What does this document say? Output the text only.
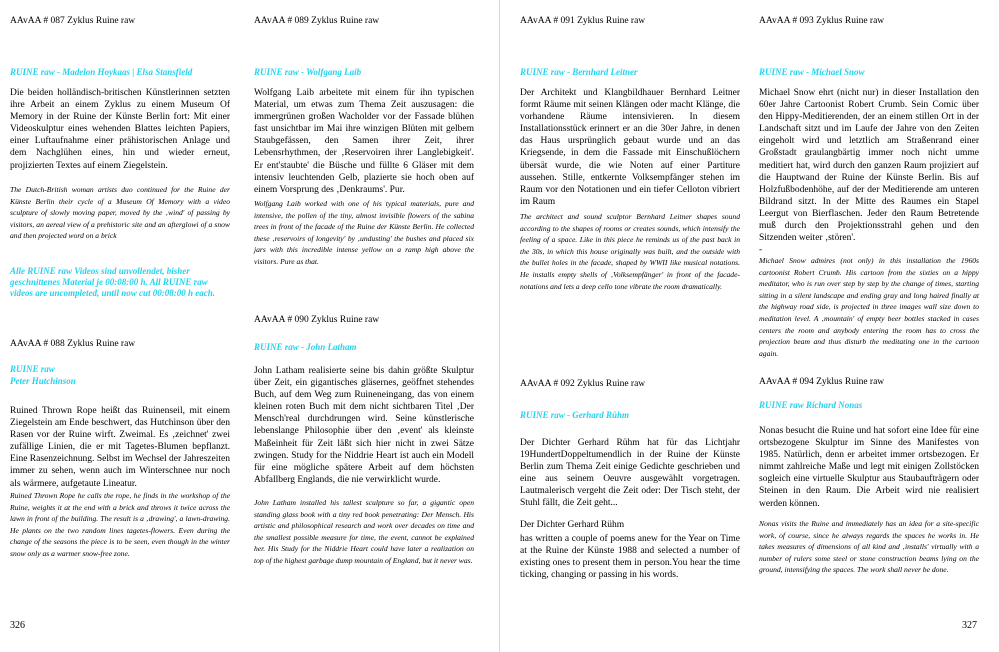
AAvAA # 087 Zyklus Ruine raw
RUINE raw - Madelon Hoykaas | Elsa Stansfield

Die beiden holländisch-britischen Künstlerinnen setzten ihre Arbeit an einem Zyklus zu einem Museum Of Memory in der Ruine der Künste Berlin fort: Mit einer Videoskulptur eines wehenden Blattes leichten Papiers, einer Luftaufnahme einer prähistorischen Anlage und dem Nachglühen eines, hin und wieder erneut, projizierten Textes auf einem Ziegelstein.

The Dutch-British woman artists duo continued for the Ruine der Künste Berlin their cycle of a Museum Of Memory with a video sculpture of slowly moving paper, moved by the ‚wind' of passing by visitors, an aereal view of a prehistoric site and an afterglowi of a snow and then projected word on a brick

Alle RUINE raw Videos sind unvollendet, bisher geschnittenes Material je 00:08:00 h. All RUINE raw videos are uncompleted, until now cut 00:08:00 h each.
AAvAA # 088 Zyklus Ruine raw
RUINE raw
Peter Hutchinson

Ruined Thrown Rope heißt das Ruinenseil, mit einem Ziegelstein am Ende beschwert, das Hutchinson über den Rasen vor der Ruine wirft. Zweimal. Es ‚zeichnet' zwei zufällige Linien, die er mit Tagetes-Blumen bepflanzt. Eine Rasenzeichnung. Selbst im Wechsel der Jahreszeiten immer zu sehen, wenn auch im Winterschnee nur noch als wärmere, aufgetaute Lineatur.

Ruined Thrown Rope he calls the rope, he finds in the workshop of the Ruine, weights it at the end with a brick and throws it twice across the lawn in front of the building. The result is a ‚drawing', a lawn-drawing. He plants on the two random lines tagetes-flowers. Even during the change of the seasons the piece is to be seen, even though in the winter snow only as a warmer snow-free zone.

AAvAA # 089 Zyklus Ruine raw
RUINE raw - Wolfgang Laib

Wolfgang Laib arbeitete mit einem für ihn typischen Material, um etwas zum Thema Zeit auszusagen: die immergrünen großen Wacholder vor der Fassade blühen fast unsichtbar im Mai ihre winzigen Blüten mit gelbem Staubgefässen, den Samen ihrer Zeit, ihrer Lebensrhythmen, der ‚Reservoiren ihrer Langlebigkeit'. Er ent'staubte' die Büsche und füllte 6 Gläser mit dem intensiv leuchtenden Gelb, plazierte sie hoch oben auf einem Vorsprung des ‚Denkraums'. Pur.

Wolfgang Laib worked with one of his typical materials, pure and intensive, the pollen of the tiny, almost invisible flowers of the sabina trees in front of the facade of the Ruine der Künste Berlin. He collected these ‚reservoirs of longevity' by ‚undusting' the bushes and placed six jars with this incredible intense yellow on a ramp high above the visitors. Pure as that.

AAvAA # 090 Zyklus Ruine raw
RUINE raw - John Latham

John Latham realisierte seine bis dahin größte Skulptur über Zeit, ein gigantisches gläsernes, geöffnet stehendes Buch, auf dem Weg zum Ruineneingang, das von einem kleinen roten Buch mit dem nicht sichtbaren Titel ‚Der Mensch'real durchdrungen wird. Seine künstlerische lebenslange Philosophie über den ‚event' als kleinste Maßeinheit für Zeit läßt sich hier nicht in zwei Sätze zwingen. Study for the Niddrie Heart ist auch ein Modell für eine mögliche spätere Arbeit auf dem höchsten Abfallberg Englands, die nie verwirklicht wurde.

John Latham installed his tallest sculpture so far, a gigantic open standing glass book with a tiny red book penetrating: Der Mensch. His artistic and philosophical research and work over decades on time and the smallest possible measure for time, the event, cannot be explained her. His Study for the Niddrie Heart could have later a realization on top of the highest garbage dump mountain of England, but it never was.

AAvAA # 091 Zyklus Ruine raw
RUINE raw - Bernhard Leitner

Der Architekt und Klangbildhauer Bernhard Leitner formt Räume mit seinen Klängen oder macht Klänge, die vorhandene Räume intensivieren. In diesem Installationsstück erinnert er an die 30er Jahre, in denen das Haus ursprünglich gebaut wurde und an das Kriegsende, in dem die Fassade mit Einschußlöchern übersät wurde, die wie Noten auf einer Partiture aussehen. Stille, entkernte Volksempfänger stehen im Raum vor den Notationen und ein tiefer Celloton vibriert im Raum

The architect and sound sculptor Bernhard Leitner shapes sound according to the shapes of rooms or creates sounds, which intensify the feeling of a space. Like in this piece he reminds us of the past back in the 30s, in which this house originally was built, and the outside with the bullet holes in the facade, shaped by WWII like musical notations. He installs empty shells of ‚Volksempfänger' in front of the facade-notations and lets a deep cello tone vibrate the room dramatically.

AAvAA # 092 Zyklus Ruine raw
RUINE raw - Gerhard Rühm

Der Dichter Gerhard Rühm hat für das Lichtjahr 19HundertDoppeltumendlich in der Ruine der Künste Berlin zum Thema Zeit einige Gedichte geschrieben und eine aus seinem Oeuvre ausgewählt vorgetragen. Lautmalerisch vergeht die Zeit oder: Der Tisch steht, der Stuhl fällt, die Zeit geht...

Der Dichter Gerhard Rühm

has written a couple of poems anew for the Year on Time at the Ruine der Künste 1988 and selected a number of existing ones to present them in person.You hear the time ticking, changing or passing in his words.

AAvAA # 093 Zyklus Ruine raw
RUINE raw - Michael Snow

Michael Snow ehrt (nicht nur) in dieser Installation den 60er Jahre Cartoonist Robert Crumb. Sein Comic über den Hippy-Meditierenden, der an einem stillen Ort in der Landschaft sitzt und im Laufe der Jahre von den Zeiten eingeholt wird und letztlich am Straßenrand einer Großstadt graulangbärtig immer noch nicht umme meditiert hat, wird durch den ganzen Raum projiziert auf die Hauptwand der Ruine der Künste Berlin. Bis auf Holzfußbodenhöhe, auf der der Meditierende am unteren Bildrand sitzt. In der Mitte des Raumes ein Stapel Leergut von Bierflaschen. Jeder den Raum Betretende muß durch den Projektionsstrahl gehen und den Sitzenden weiter ‚stören'.

-

Michael Snow admires (not only) in this installation the 1960s cartoonist Robert Crumb. His cartoon from the sixties on a hippy meditator, who is run over step by step by the change of times, starting sitting in a silent landscape and ending gray and long haired finally at the highway road side, is projected in three images wall size down to meditation level. A ‚mountain' of empty beer bottles stacked in cases centers the room and anybody entering the room has to cross the projection beam and thus disturb the meditating one in the cartoon again.

AAvAA # 094 Zyklus Ruine raw
RUINE raw Richard Nonas

Nonas besucht die Ruine und hat sofort eine Idee für eine ortsbezogene Skulptur im Sinne des Manifestes von 1985. Natürlich, denn er arbeitet immer ortsbezogen. Er nimmt zahlreiche Maße und legt mit einigen Zollstöcken sogleich eine virtuelle Skulptur aus Staubaufträgern oder Steinen in den Raum. Die Arbeit wird nie realisiert werden können.

Nonas visits the Ruine and immediately has an idea for a site-specific work, of course, since he always regards the spaces he works in. He takes measures of dimensions of all kind and ‚installs' virtually with a number of rulers some steel or stone construction beams lying on the ground, intensifying the spaces. The work shall never be done.

326	327
